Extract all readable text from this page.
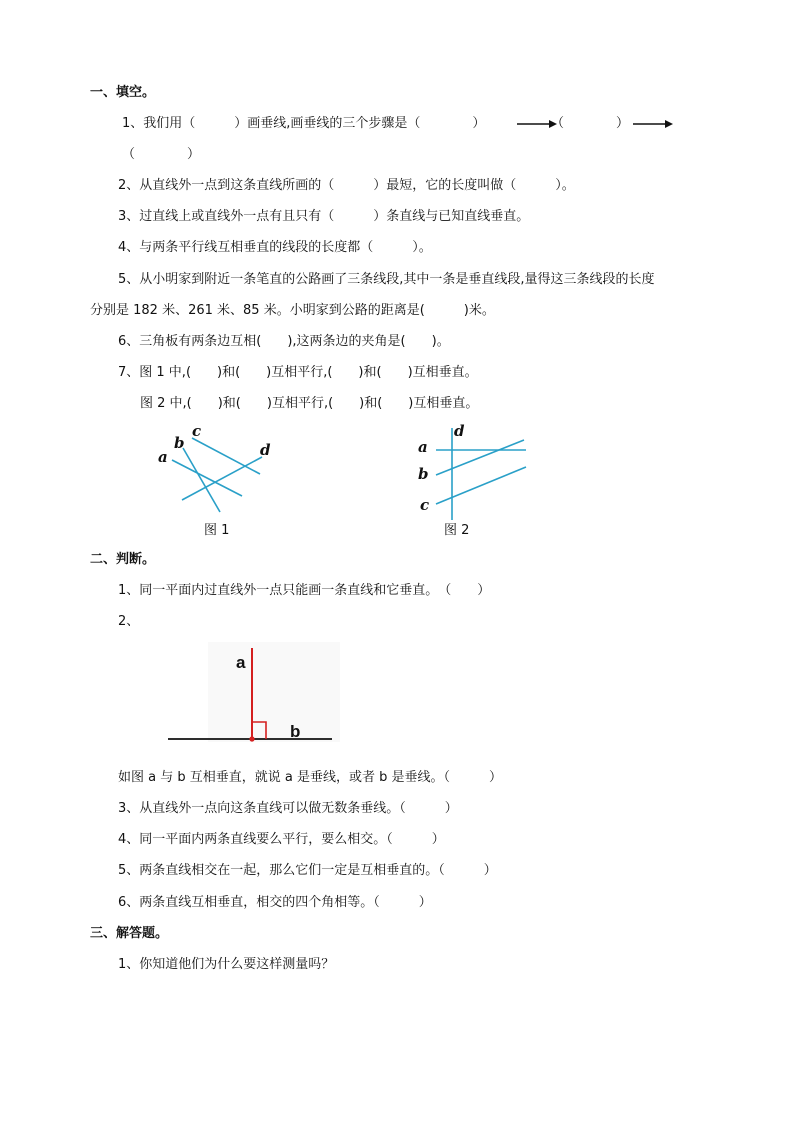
一、填空。
1、我们用（　　　）画垂线,画垂线的三个步骤是（　　　　）	（　　　　）
（　　　　）
2、从直线外一点到这条直线所画的（　　　）最短，它的长度叫做（　　　）。
3、过直线上或直线外一点有且只有（　　　）条直线与已知直线垂直。
4、与两条平行线互相垂直的线段的长度都（　　　）。
5、从小明家到附近一条笔直的公路画了三条线段,其中一条是垂直线段,量得这三条线段的长度
分别是 182 米、261 米、85 米。小明家到公路的距离是(　　　)米。
6、三角板有两条边互相(　　),这两条边的夹角是(　　)。
7、图 1 中,(　　)和(　　)互相平行,(　　)和(　　)互相垂直。
图 2 中,(　　)和(　　)互相平行,(　　)和(　　)互相垂直。
a
b
c
d
图 1
a
b
c
d
图 2
二、判断。
1、同一平面内过直线外一点只能画一条直线和它垂直。　（　　）
2、
a
b
如图 a 与 b 互相垂直，就说 a 是垂线，或者 b 是垂线。（　　　）
3、从直线外一点向这条直线可以做无数条垂线。（　　　）
4、同一平面内两条直线要么平行，要么相交。（　　　）
5、两条直线相交在一起，那么它们一定是互相垂直的。（　　　）
6、两条直线互相垂直，相交的四个角相等。（　　　）
三、解答题。
1、你知道他们为什么要这样测量吗？
